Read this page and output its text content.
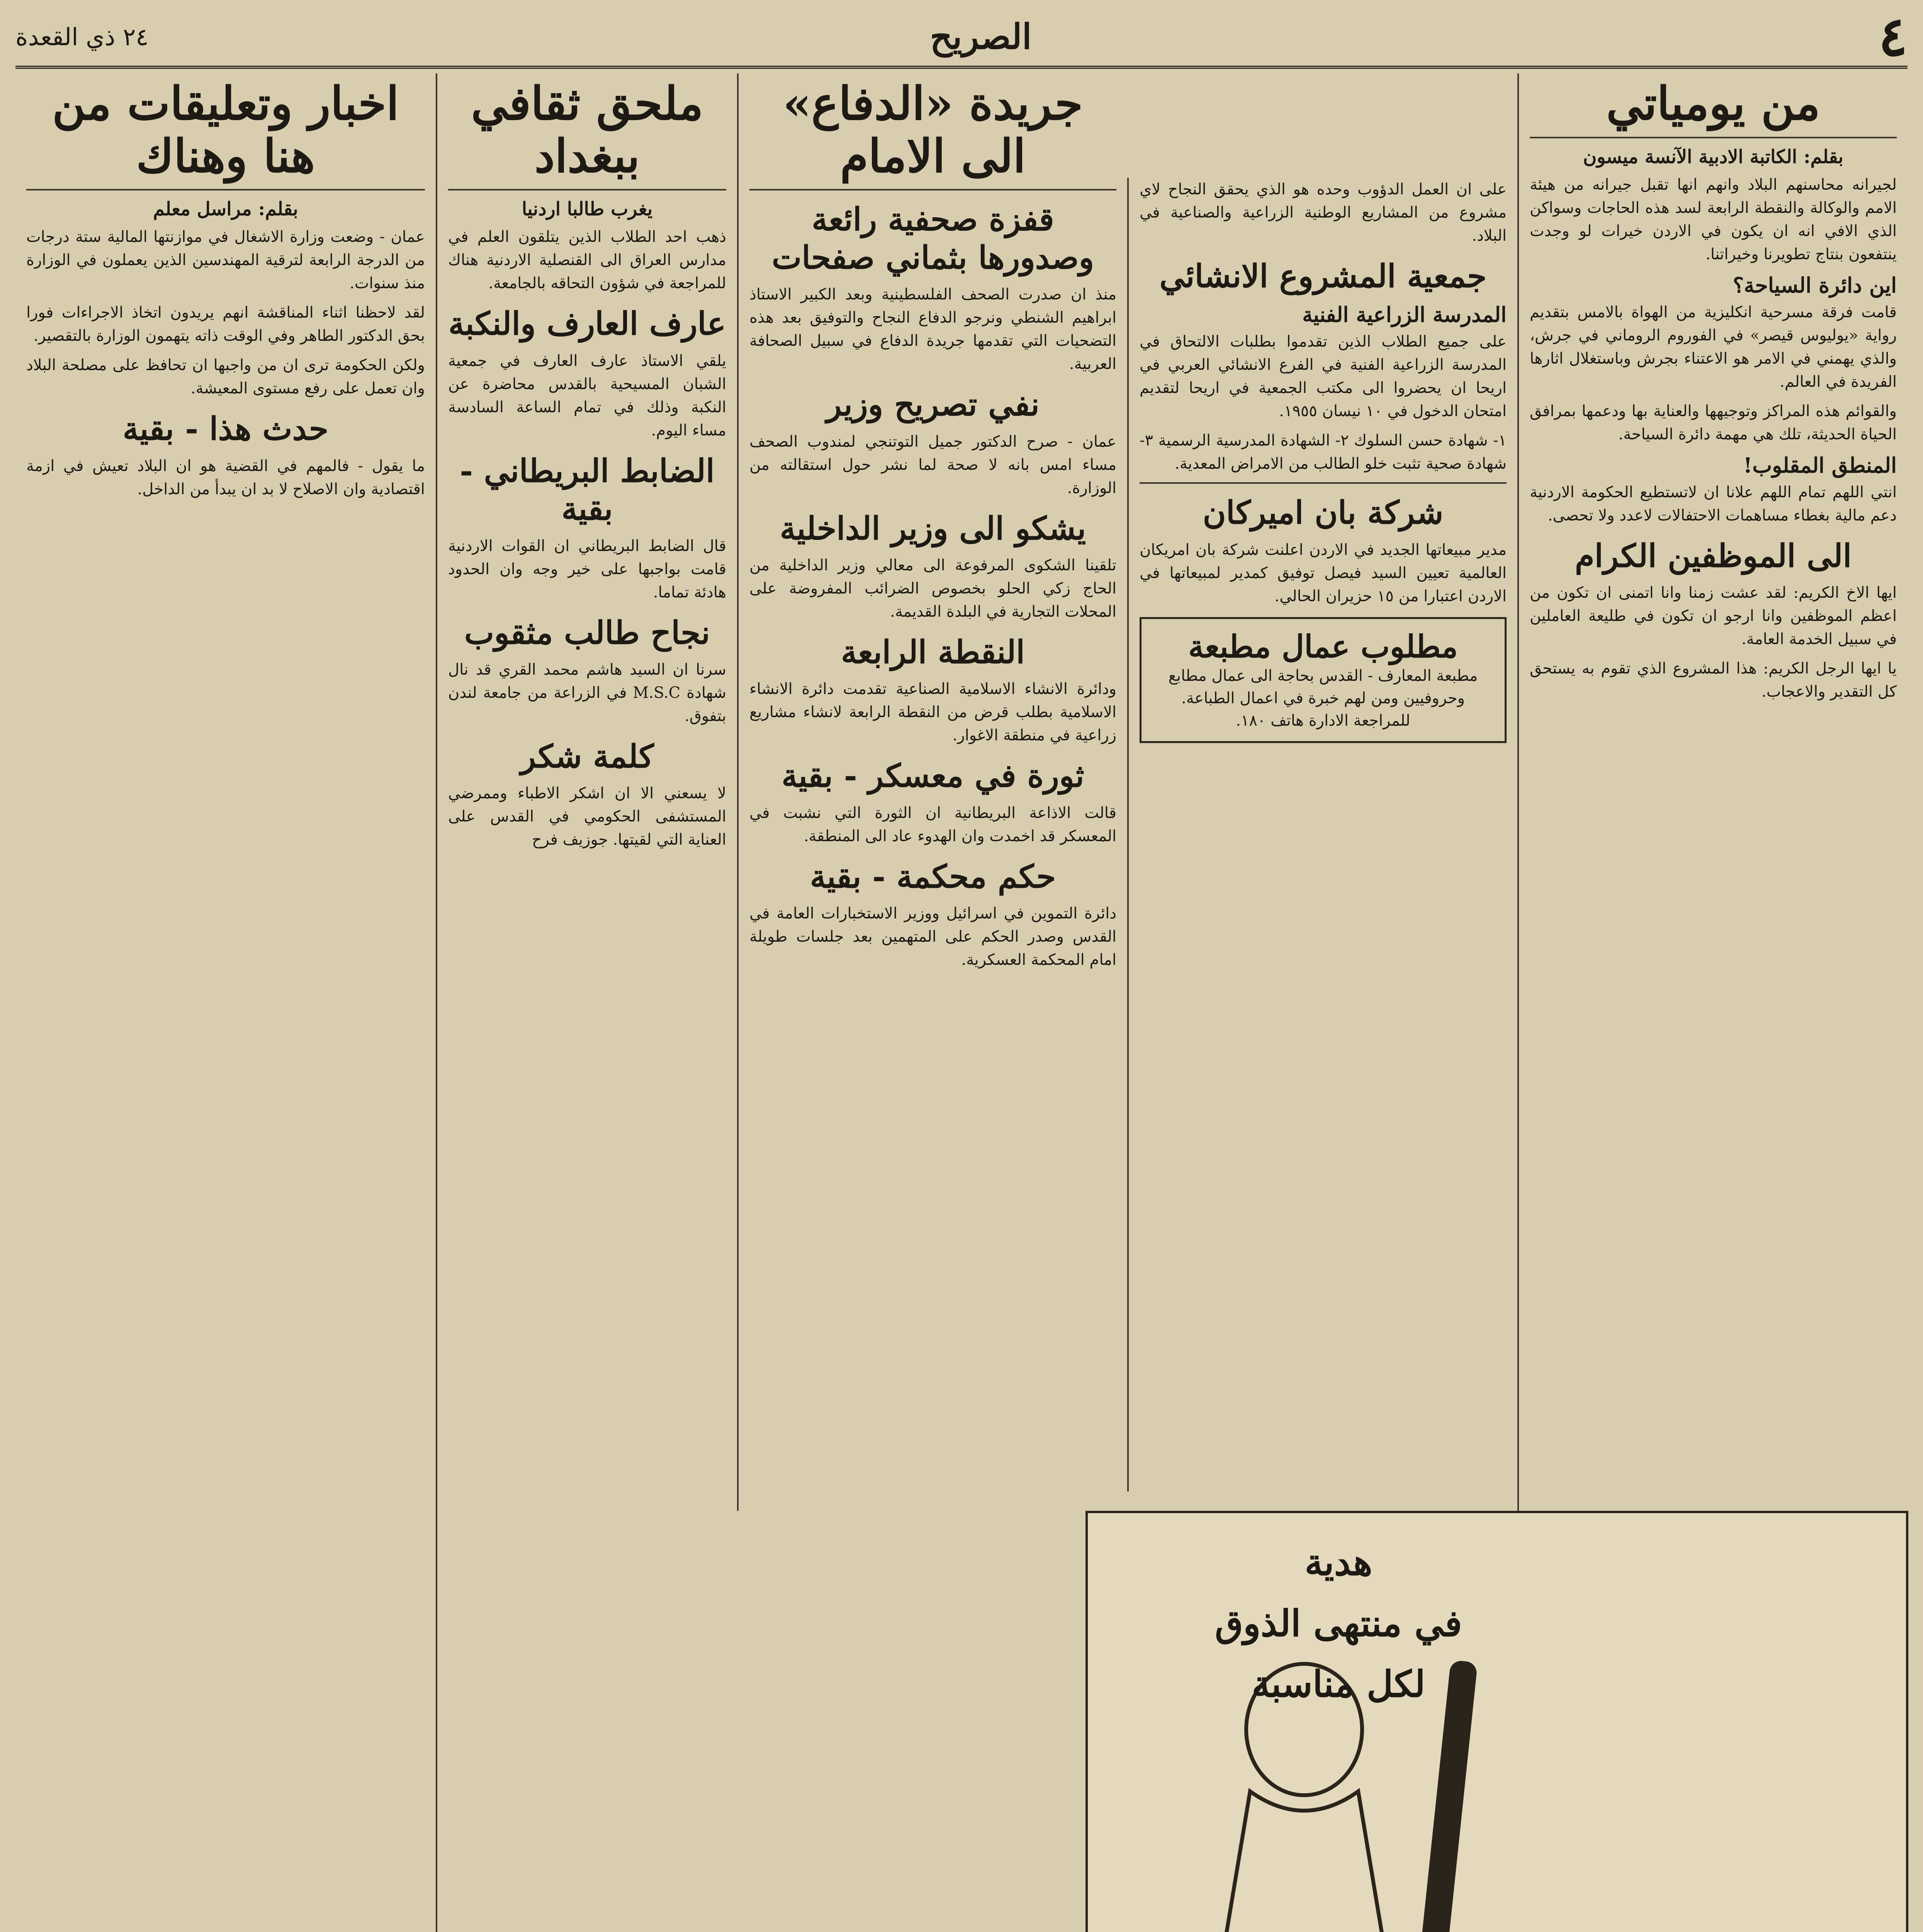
٤
الصريح
٢٤ ذي القعدة
من يومياتي
بقلم: الكاتبة الادبية الآنسة ميسون

لجيرانه محاسنهم البلاد وانهم انها تقبل جيرانه من هيئة الامم والوكالة والنقطة الرابعة لسد هذه الحاجات وسواكن الذي الافي انه ان يكون في الاردن خيرات لو وجدت ينتفعون بنتاج تطويرنا وخيراتنا.

اين دائرة السياحة؟

قامت فرقة مسرحية انكليزية من الهواة بالامس بتقديم رواية «يوليوس قيصر» في الفوروم الروماني في جرش، والذي يهمني في الامر هو الاعتناء بجرش وباستغلال اثارها الفريدة في العالم.

والقوائم هذه المراكز وتوجيهها والعناية بها ودعمها بمرافق الحياة الحديثة، تلك هي مهمة دائرة السياحة.

المنطق المقلوب!

انتي اللهم تمام اللهم علانا ان لاتستطيع الحكومة الاردنية دعم مالية بغطاء مساهمات الاحتفالات لاعدد ولا تحصى.

الى الموظفين الكرام

ايها الاخ الكريم: لقد عشت زمنا وانا اتمنى ان تكون من اعظم الموظفين وانا ارجو ان تكون في طليعة العاملين في سبيل الخدمة العامة.

يا ايها الرجل الكريم: هذا المشروع الذي تقوم به يستحق كل التقدير والاعجاب.

على ان العمل الدؤوب وحده هو الذي يحقق النجاح لاي مشروع من المشاريع الوطنية الزراعية والصناعية في البلاد.

جمعية المشروع الانشائي
المدرسة الزراعية الفنية

على جميع الطلاب الذين تقدموا بطلبات الالتحاق في المدرسة الزراعية الفنية في الفرع الانشائي العربي في اريحا ان يحضروا الى مكتب الجمعية في اريحا لتقديم امتحان الدخول في ١٠ نيسان ١٩٥٥.

١- شهادة حسن السلوك ٢- الشهادة المدرسية الرسمية ٣- شهادة صحية تثبت خلو الطالب من الامراض المعدية.

شركة بان اميركان

مدير مبيعاتها الجديد في الاردن اعلنت شركة بان امريكان العالمية تعيين السيد فيصل توفيق كمدير لمبيعاتها في الاردن اعتبارا من ١٥ حزيران الحالي.

مطلوب عمال مطبعة
مطبعة المعارف - القدس بحاجة الى عمال مطابع وحروفيين ومن لهم خبرة في اعمال الطباعة. للمراجعة الادارة هاتف ١٨٠.
جريدة «الدفاع» الى الامام
قفزة صحفية رائعة وصدورها بثماني صفحات

منذ ان صدرت الصحف الفلسطينية وبعد الكبير الاستاذ ابراهيم الشنطي ونرجو الدفاع النجاح والتوفيق بعد هذه التضحيات التي تقدمها جريدة الدفاع في سبيل الصحافة العربية.

نفي تصريح وزير

عمان - صرح الدكتور جميل التوتنجي لمندوب الصحف مساء امس بانه لا صحة لما نشر حول استقالته من الوزارة.

يشكو الى وزير الداخلية

تلقينا الشكوى المرفوعة الى معالي وزير الداخلية من الحاج زكي الحلو بخصوص الضرائب المفروضة على المحلات التجارية في البلدة القديمة.

النقطة الرابعة

ودائرة الانشاء الاسلامية الصناعية تقدمت دائرة الانشاء الاسلامية بطلب قرض من النقطة الرابعة لانشاء مشاريع زراعية في منطقة الاغوار.

ثورة في معسكر - بقية

قالت الاذاعة البريطانية ان الثورة التي نشبت في المعسكر قد اخمدت وان الهدوء عاد الى المنطقة.

حكم محكمة - بقية

دائرة التموين في اسرائيل ووزير الاستخبارات العامة في القدس وصدر الحكم على المتهمين بعد جلسات طويلة امام المحكمة العسكرية.

ملحق ثقافي ببغداد
يغرب طالبا اردنيا

ذهب احد الطلاب الذين يتلقون العلم في مدارس العراق الى القنصلية الاردنية هناك للمراجعة في شؤون التحاقه بالجامعة.

عارف العارف والنكبة

يلقي الاستاذ عارف العارف في جمعية الشبان المسيحية بالقدس محاضرة عن النكبة وذلك في تمام الساعة السادسة مساء اليوم.

الضابط البريطاني - بقية

قال الضابط البريطاني ان القوات الاردنية قامت بواجبها على خير وجه وان الحدود هادئة تماما.

نجاح طالب مثقوب

سرنا ان السيد هاشم محمد القري قد نال شهادة M.S.C في الزراعة من جامعة لندن بتفوق.

كلمة شكر

لا يسعني الا ان اشكر الاطباء وممرضي المستشفى الحكومي في القدس على العناية التي لقيتها. جوزيف فرح

اخبار وتعليقات من هنا وهناك
بقلم: مراسل معلم

عمان - وضعت وزارة الاشغال في موازنتها المالية ستة درجات من الدرجة الرابعة لترقية المهندسين الذين يعملون في الوزارة منذ سنوات.

لقد لاحظنا اثناء المناقشة انهم يريدون اتخاذ الاجراءات فورا بحق الدكتور الطاهر وفي الوقت ذاته يتهمون الوزارة بالتقصير.

ولكن الحكومة ترى ان من واجبها ان تحافظ على مصلحة البلاد وان تعمل على رفع مستوى المعيشة.

حدث هذا - بقية

ما يقول - فالمهم في القضية هو ان البلاد تعيش في ازمة اقتصادية وان الاصلاح لا بد ان يبدأ من الداخل.

هدية
في منتهى الذوق
لكل مناسبة
